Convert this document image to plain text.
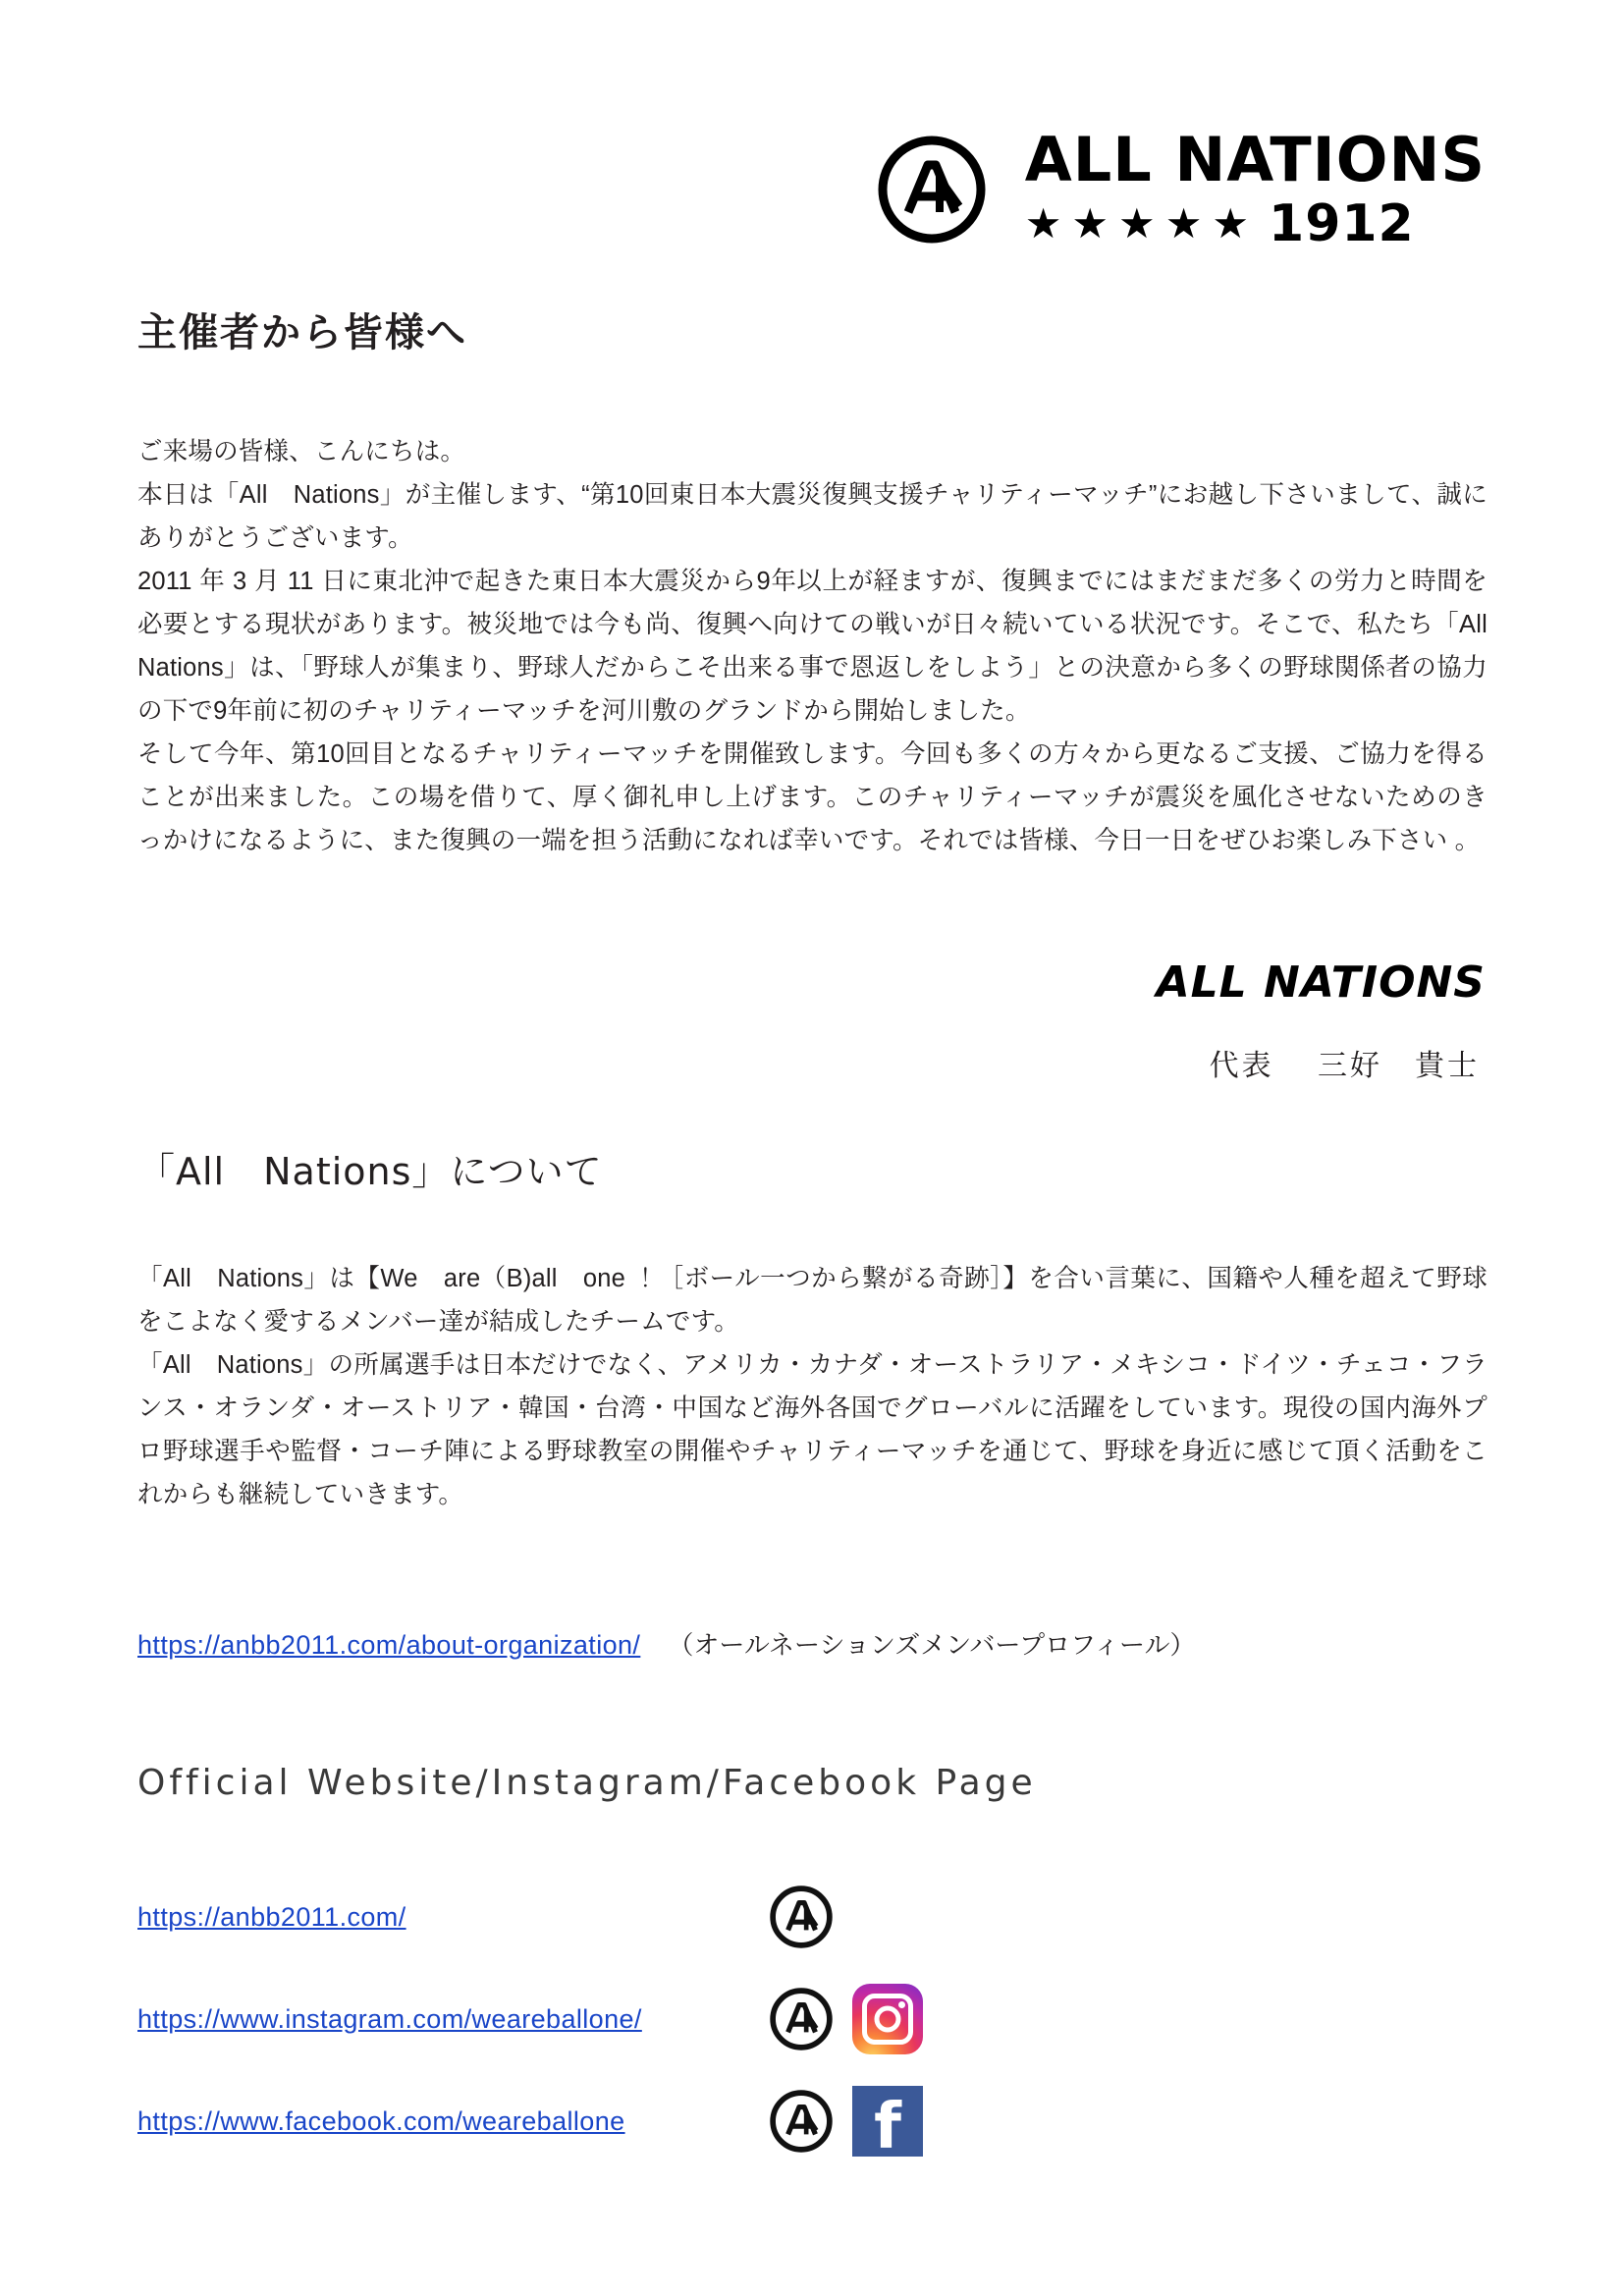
ALL NATIONS
★★★★★ 1912
主催者から皆様へ

ご来場の皆様、こんにちは。

本日は「All　Nations」が主催します、“第10回東日本大震災復興支援チャリティーマッチ”にお越し下さいまして、誠にありがとうございます。

2011 年 3 月 11 日に東北沖で起きた東日本大震災から9年以上が経ますが、復興までにはまだまだ多くの労力と時間を必要とする現状があります。被災地では今も尚、復興へ向けての戦いが日々続いている状況です。そこで、私たち「All　Nations」は、「野球人が集まり、野球人だからこそ出来る事で恩返しをしよう」との決意から多くの野球関係者の協力の下で9年前に初のチャリティーマッチを河川敷のグランドから開始しました。

そして今年、第10回目となるチャリティーマッチを開催致します。今回も多くの方々から更なるご支援、ご協力を得ることが出来ました。この場を借りて、厚く御礼申し上げます。このチャリティーマッチが震災を風化させないためのきっかけになるように、また復興の一端を担う活動になれば幸いです。それでは皆様、今日一日をぜひお楽しみ下さい 。

ALL NATIONS
代表　 三好　貴士
「All　Nations」について

「All　Nations」は【We　are（B)all　one ！［ボール一つから繋がる奇跡］】を合い言葉に、国籍や人種を超えて野球をこよなく愛するメンバー達が結成したチームです。

「All　Nations」の所属選手は日本だけでなく、アメリカ・カナダ・オーストラリア・メキシコ・ドイツ・チェコ・フランス・オランダ・オーストリア・韓国・台湾・中国など海外各国でグローバルに活躍をしています。現役の国内海外プロ野球選手や監督・コーチ陣による野球教室の開催やチャリティーマッチを通じて、野球を身近に感じて頂く活動をこれからも継続していきます。

https://anbb2011.com/about-organization/ （オールネーションズメンバープロフィール）
Official Website/Instagram/Facebook Page
https://anbb2011.com/
https://www.instagram.com/weareballone/
https://www.facebook.com/weareballone	f
